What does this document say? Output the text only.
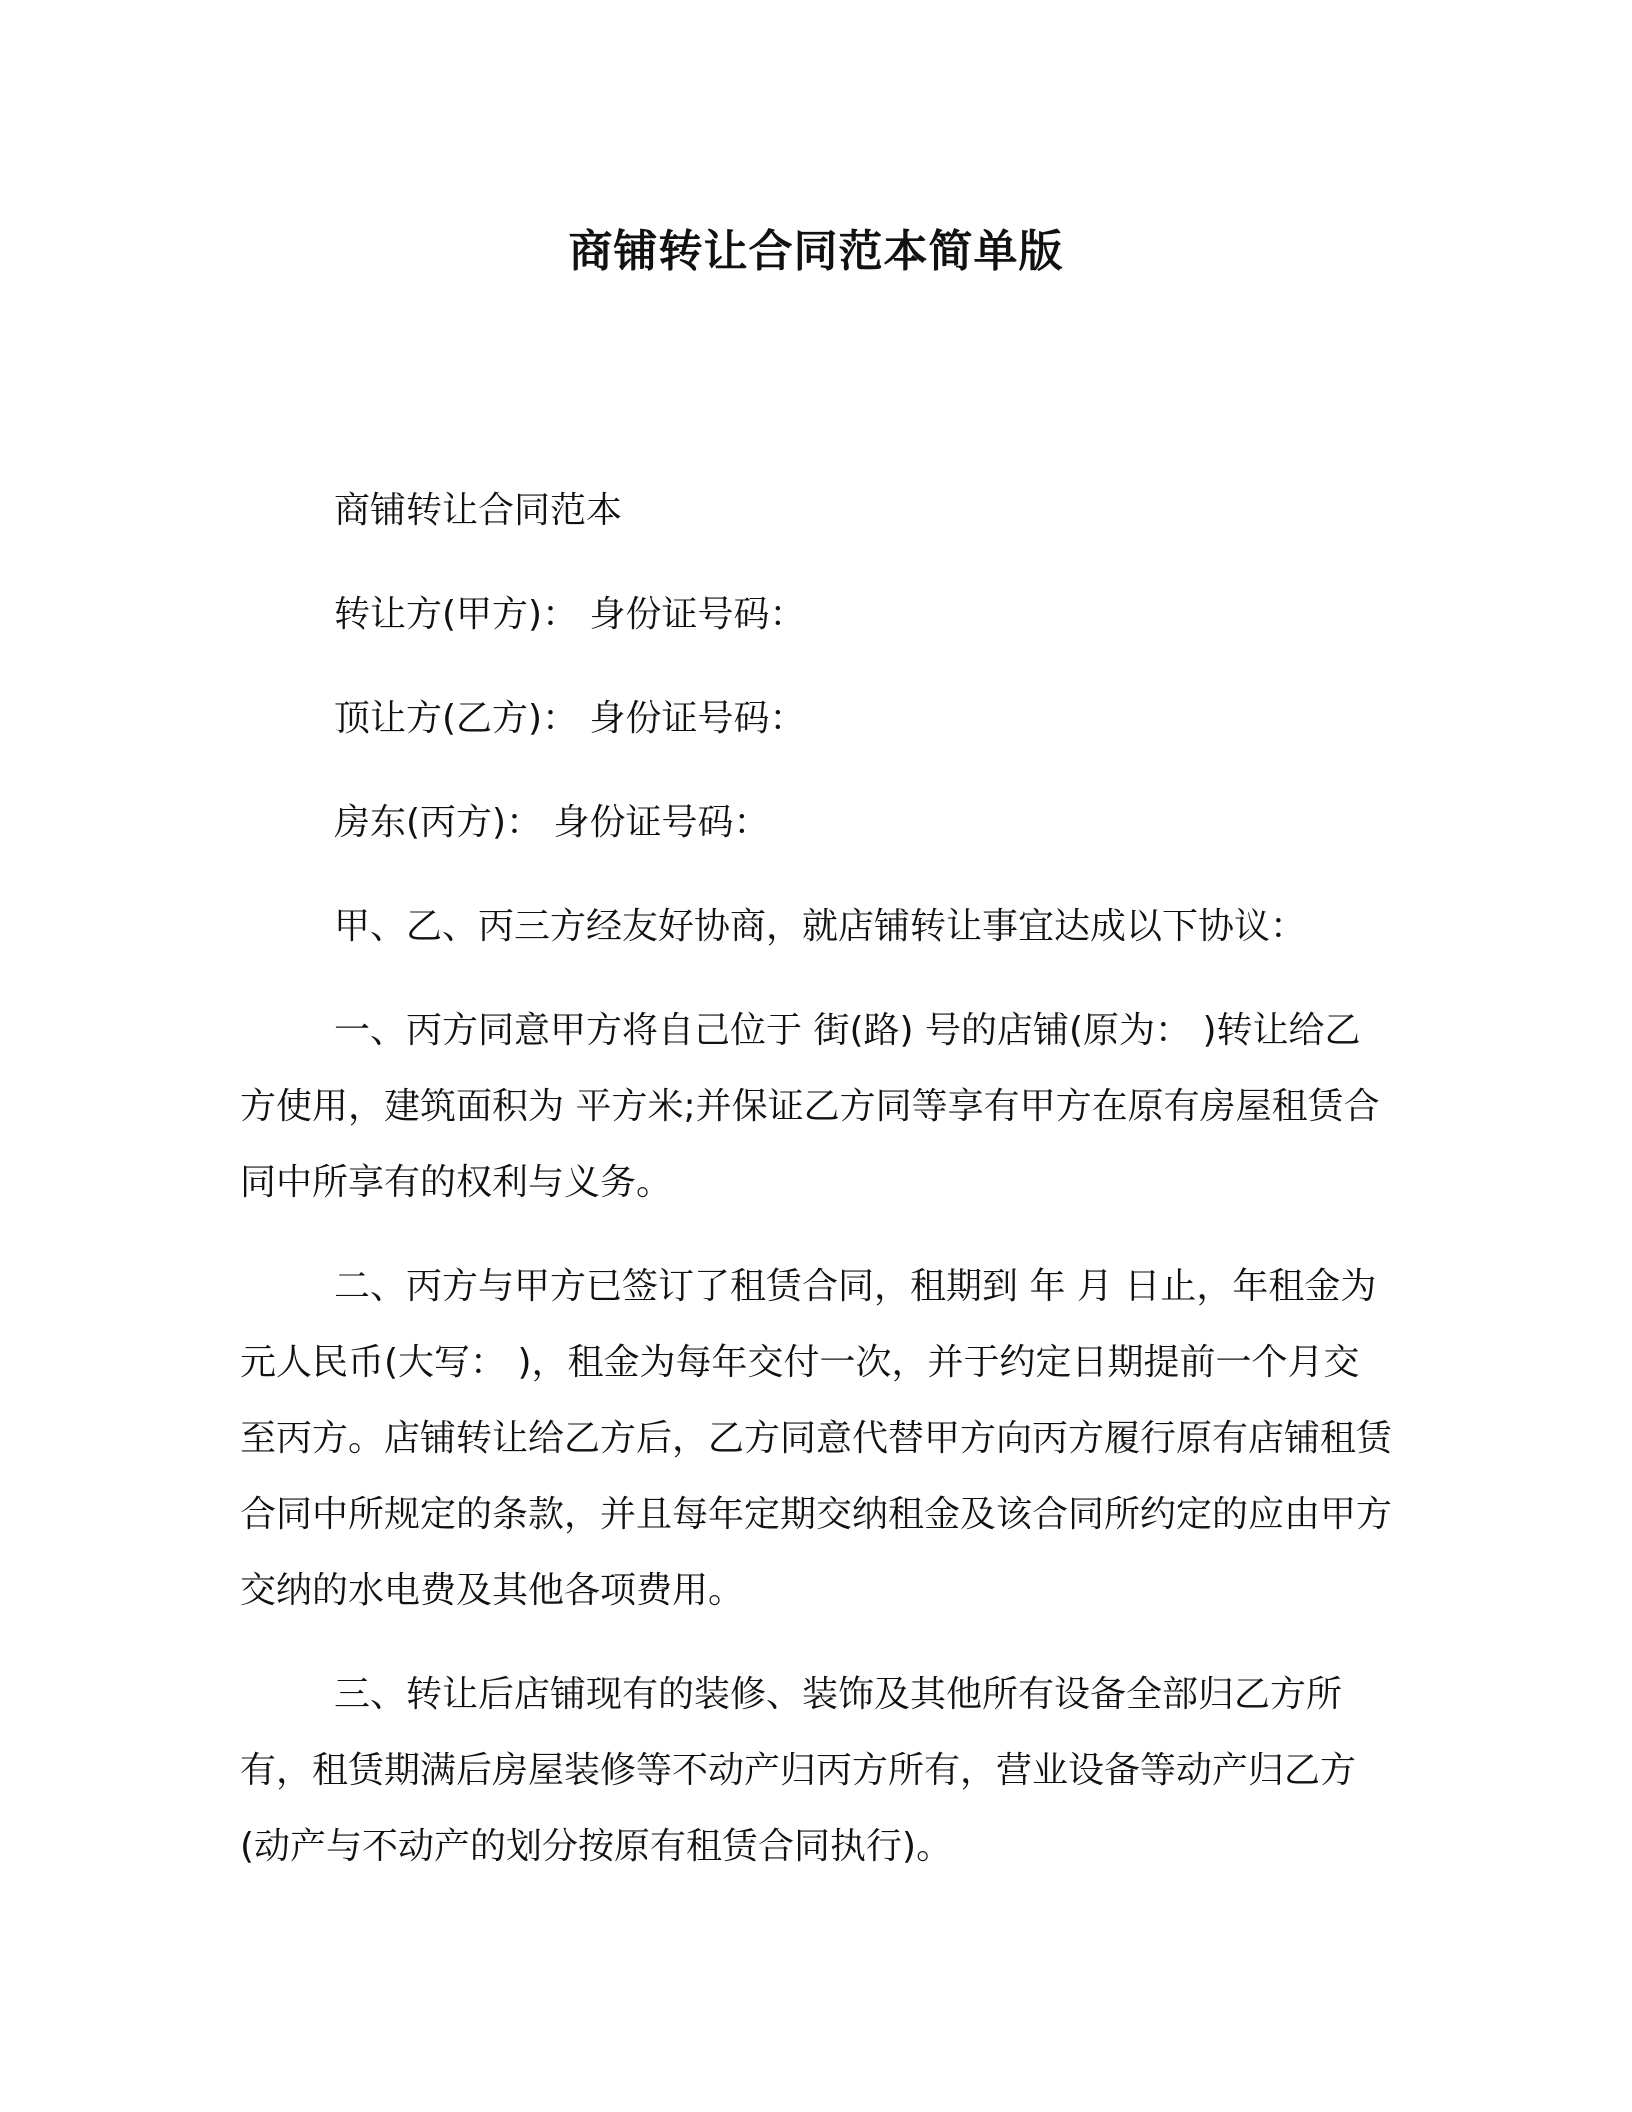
商铺转让合同范本简单版

商铺转让合同范本

转让方(甲方)： 身份证号码：

顶让方(乙方)： 身份证号码：

房东(丙方)： 身份证号码：

甲、乙、丙三方经友好协商，就店铺转让事宜达成以下协议：

一、丙方同意甲方将自己位于 街(路) 号的店铺(原为： )转让给乙方使用，建筑面积为 平方米;并保证乙方同等享有甲方在原有房屋租赁合同中所享有的权利与义务。

二、丙方与甲方已签订了租赁合同，租期到 年 月 日止，年租金为 元人民币(大写： )，租金为每年交付一次，并于约定日期提前一个月交至丙方。店铺转让给乙方后，乙方同意代替甲方向丙方履行原有店铺租赁合同中所规定的条款，并且每年定期交纳租金及该合同所约定的应由甲方交纳的水电费及其他各项费用。

三、转让后店铺现有的装修、装饰及其他所有设备全部归乙方所有，租赁期满后房屋装修等不动产归丙方所有，营业设备等动产归乙方(动产与不动产的划分按原有租赁合同执行)。
